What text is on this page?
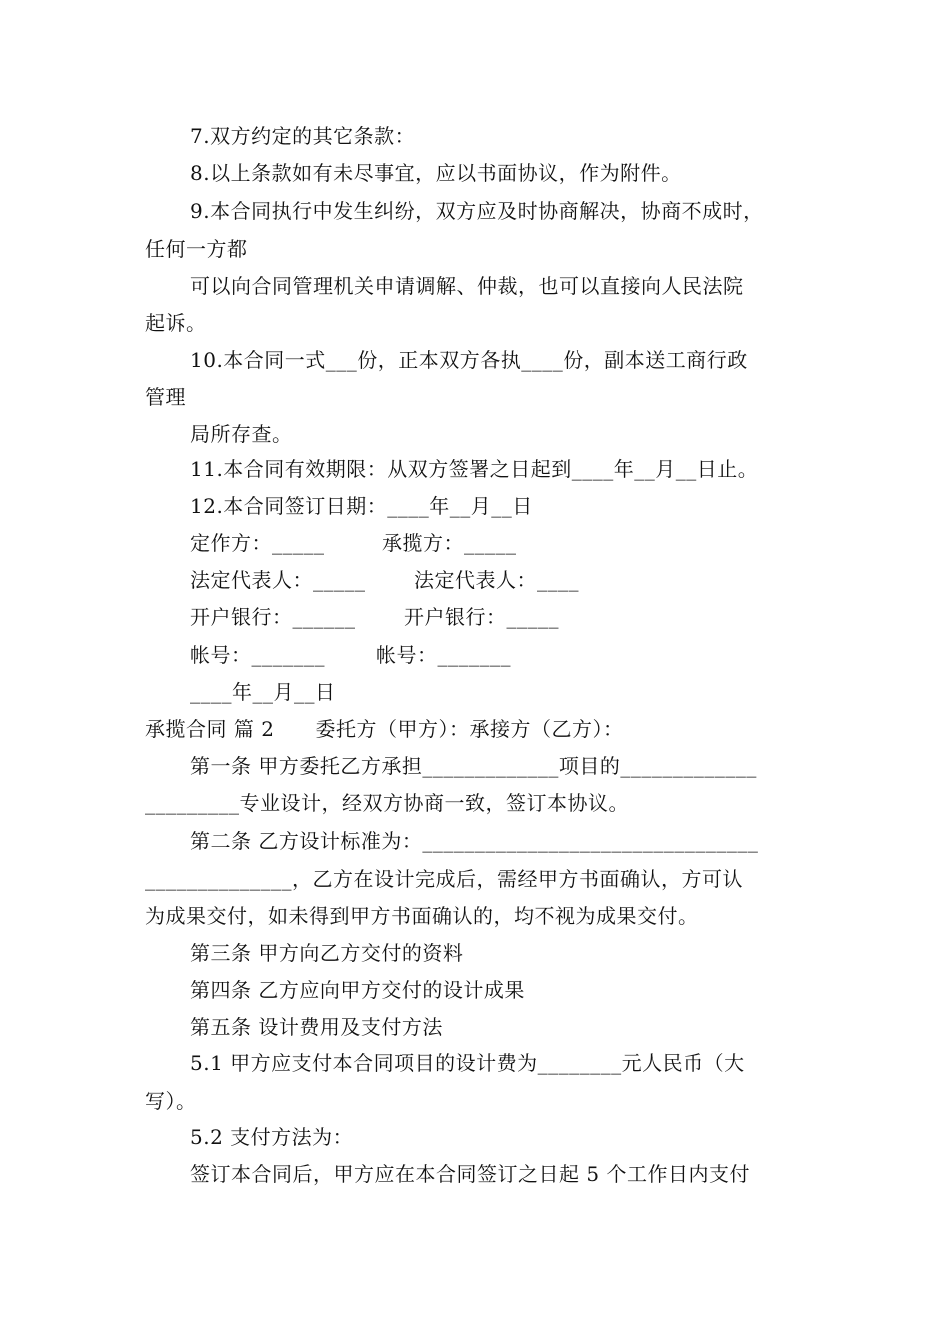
7.双方约定的其它条款：
8.以上条款如有未尽事宜，应以书面协议，作为附件。
9.本合同执行中发生纠纷，双方应及时协商解决，协商不成时，
任何一方都
可以向合同管理机关申请调解、仲裁，也可以直接向人民法院
起诉。
10.本合同一式___份，正本双方各执____份，副本送工商行政
管理
局所存查。
11.本合同有效期限：从双方签署之日起到____年__月__日止。
12.本合同签订日期：____年__月__日
定作方：_____	承揽方：_____
法定代表人：_____ 法定代表人：____
开户银行：______ 开户银行：_____
帐号：_______	帐号：_______
____年__月__日
承揽合同 篇 2　　委托方（甲方）：承接方（乙方）：
第一条 甲方委托乙方承担_____________项目的_____________
_________专业设计，经双方协商一致，签订本协议。
第二条 乙方设计标准为：________________________________
______________，乙方在设计完成后，需经甲方书面确认，方可认
为成果交付，如未得到甲方书面确认的，均不视为成果交付。
第三条 甲方向乙方交付的资料
第四条 乙方应向甲方交付的设计成果
第五条 设计费用及支付方法
5.1 甲方应支付本合同项目的设计费为________元人民币（大
写）。
5.2 支付方法为：
签订本合同后，甲方应在本合同签订之日起 5 个工作日内支付
